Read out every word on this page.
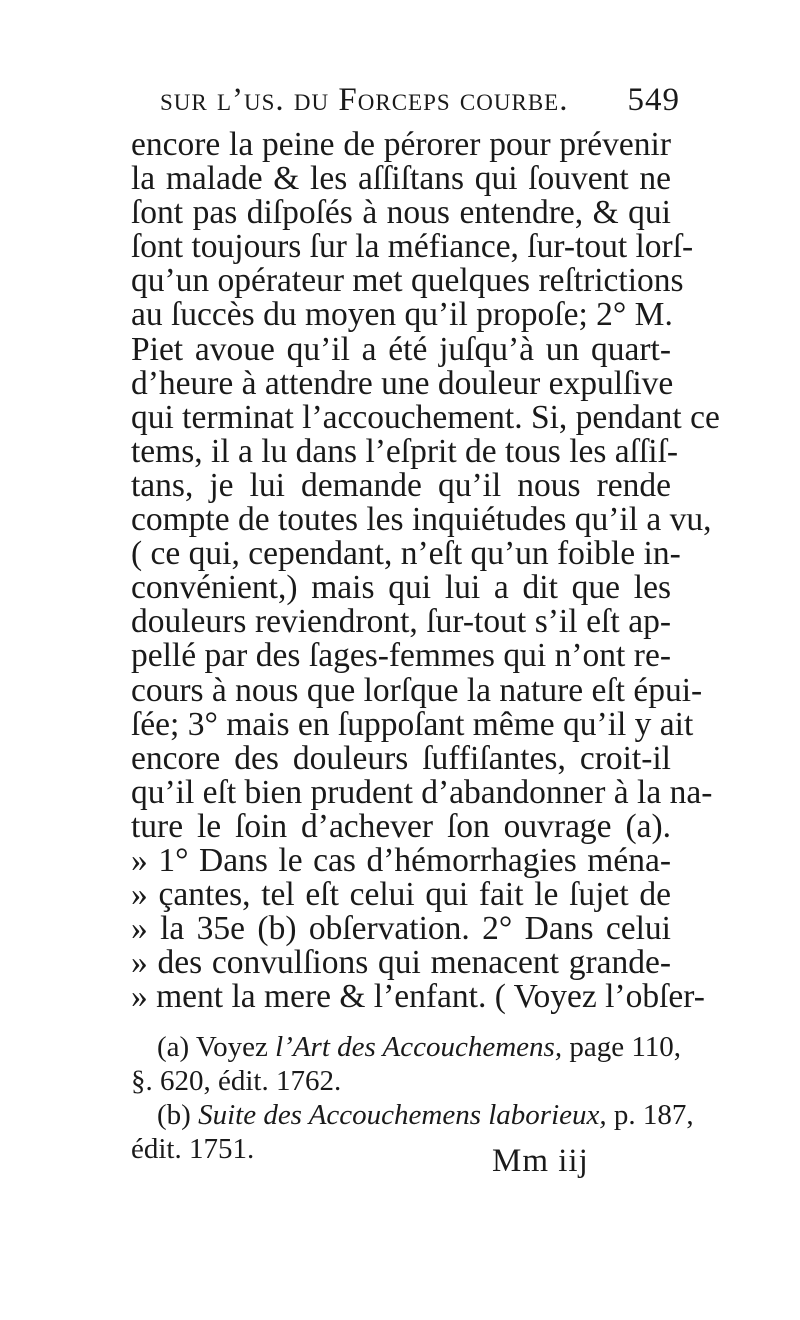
sur l’us. du Forceps courbe. 549
encore la peine de pérorer pour prévenir
la malade & les aſſiſtans qui ſouvent ne
ſont pas diſpoſés à nous entendre, & qui
ſont toujours ſur la méfiance, ſur-tout lorſ-
qu’un opérateur met quelques reſtrictions
au ſuccès du moyen qu’il propoſe; 2° M.
Piet avoue qu’il a été juſqu’à un quart-
d’heure à attendre une douleur expulſive
qui terminat l’accouchement. Si, pendant ce
tems, il a lu dans l’eſprit de tous les aſſiſ-
tans, je lui demande qu’il nous rende
compte de toutes les inquiétudes qu’il a vu,
( ce qui, cependant, n’eſt qu’un foible in-
convénient,) mais qui lui a dit que les
douleurs reviendront, ſur-tout s’il eſt ap-
pellé par des ſages-femmes qui n’ont re-
cours à nous que lorſque la nature eſt épui-
ſée; 3° mais en ſuppoſant même qu’il y ait
encore des douleurs ſuffiſantes, croit-il
qu’il eſt bien prudent d’abandonner à la na-
ture le ſoin d’achever ſon ouvrage (a).
» 1° Dans le cas d’hémorrhagies ména-
» çantes, tel eſt celui qui fait le ſujet de
» la 35e (b) obſervation. 2° Dans celui
» des convulſions qui menacent grande-
» ment la mere & l’enfant. ( Voyez l’obſer-
(a) Voyez l’Art des Accouchemens, page 110,
§. 620, édit. 1762.
(b) Suite des Accouchemens laborieux, p. 187,
édit. 1751.	Mm iij
